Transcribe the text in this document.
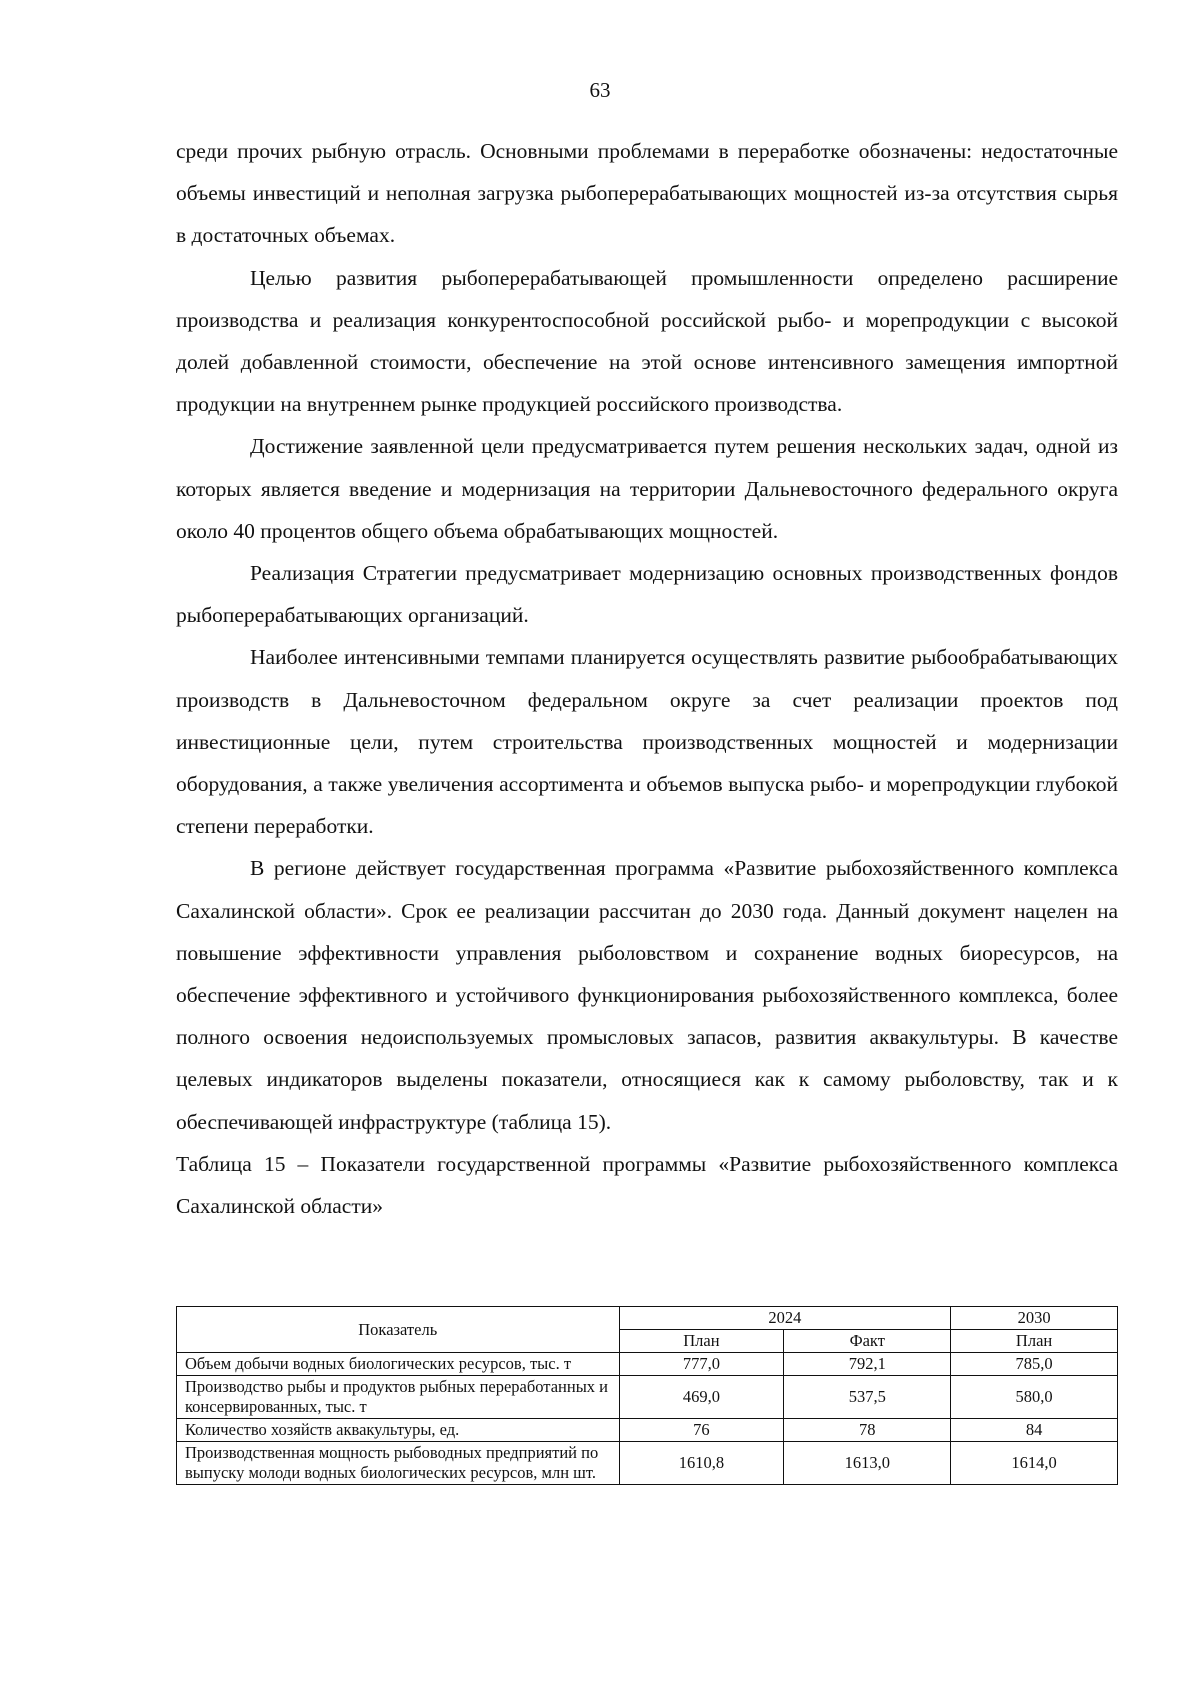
63

среди прочих рыбную отрасль. Основными проблемами в переработке обозначены: недостаточные объемы инвестиций и неполная загрузка рыбоперерабатывающих мощностей из-за отсутствия сырья в достаточных объемах.

Целью развития рыбоперерабатывающей промышленности определено расширение производства и реализация конкурентоспособной российской рыбо- и морепродукции с высокой долей добавленной стоимости, обеспечение на этой основе интенсивного замещения импортной продукции на внутреннем рынке продукцией российского производства.

Достижение заявленной цели предусматривается путем решения нескольких задач, одной из которых является введение и модернизация на территории Дальневосточного федерального округа около 40 процентов общего объема обрабатывающих мощностей.

Реализация Стратегии предусматривает модернизацию основных производственных фондов рыбоперерабатывающих организаций.

Наиболее интенсивными темпами планируется осуществлять развитие рыбообрабатывающих производств в Дальневосточном федеральном округе за счет реализации проектов под инвестиционные цели, путем строительства производственных мощностей и модернизации оборудования, а также увеличения ассортимента и объемов выпуска рыбо- и морепродукции глубокой степени переработки.

В регионе действует государственная программа «Развитие рыбохозяйственного комплекса Сахалинской области». Срок ее реализации рассчитан до 2030 года. Данный документ нацелен на повышение эффективности управления рыболовством и сохранение водных биоресурсов, на обеспечение эффективного и устойчивого функционирования рыбохозяйственного комплекса, более полного освоения недоиспользуемых промысловых запасов, развития аквакультуры. В качестве целевых индикаторов выделены показатели, относящиеся как к самому рыболовству, так и к обеспечивающей инфраструктуре (таблица 15).

Таблица 15 – Показатели государственной программы «Развитие рыбохозяйственного комплекса Сахалинской области»

Показатель	2024		2030
	План	Факт	План
Объем добычи водных биологических ресурсов, тыс. т	777,0	792,1	785,0
Производство рыбы и продуктов рыбных переработанных и консервированных, тыс. т	469,0	537,5	580,0
Количество хозяйств аквакультуры, ед.	76	78	84
Производственная мощность рыбоводных предприятий по выпуску молоди водных биологических ресурсов, млн шт.	1610,8	1613,0	1614,0
